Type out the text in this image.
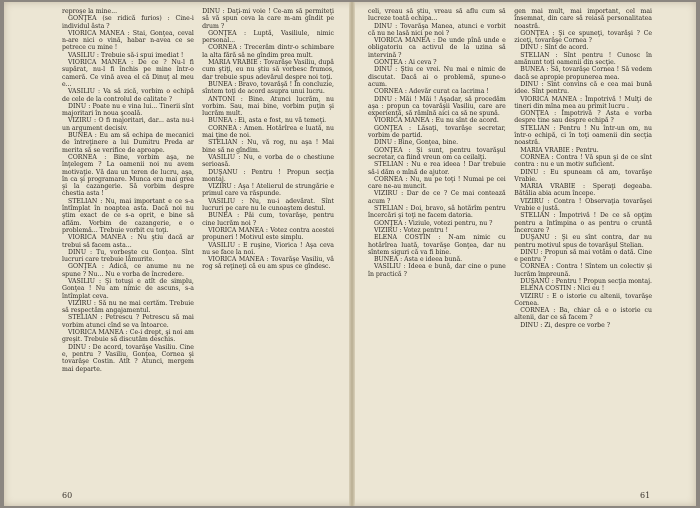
reproşe la mine...

GONŢEA (se ridică furios) : Cine-i individul ăsta ?

VIORICA MANEA : Stai, Gonţea, ceval n-are nici o vină, habar n-avea ce se petrece cu mine !

VASILIU : Trebuie să-i spui imediat !

VIORICA MANEA : De ce ? Nu-l fi supărat, nu-l fi închis pe mine într-o cameră. Ce vină avea el că Dinuţ al meu e...

VASILIU : Va să zică, vorbim o echipă de cele de la controlul de calitate ?

DINU : Poate nu e vina lui... Tinerii sînt majoritari în noua şcoală.

VIZIRU : O fi majoritari, dar... asta nu-i un argument decisiv.

BUNEA : Eu am să echipa de mecanici de întreţinere a lui Dumitru Preda ar merita să se verifice de aproape.

CORNEA : Bine, vorbim aşa, ne înţelegem ? La oamenii noi nu avem motivaţie. Vă dau un teren de lucru, aşa, în ca şi programare. Munca era mai grea şi la cazangerie. Să vorbim despre chestia asta !

STELIAN : Nu, mai important e ce s-a întîmplat în noaptea asta. Dacă noi nu ştim exact de ce s-a oprit, e bine să aflăm. Vorbim de cazangerie, e o problemă... Trebuie vorbit cu toţi.

VIORICA MANEA : Nu ştiu dacă ar trebui să facem asta...

DINU : Tu, vorbeşte cu Gonţea. Sînt lucruri care trebuie lămurite.

GONŢEA : Adică, ce anume nu ne spune ? Nu... Nu e vorba de încredere.

VASILIU : Şi totuşi e atît de simplu, Gonţea ! Nu am nimic de ascuns, s-a întîmplat ceva.

VIZIRU : Să nu ne mai certăm. Trebuie să respectăm angajamentul.

STELIAN : Petrescu ? Petrescu să mai vorbim atunci cînd se va întoarce.

VIORICA MANEA : Ce-i drept, şi noi am greşit. Trebuie să discutăm deschis.

DINU : De acord, tovarăşe Vasiliu. Cine e, pentru ? Vasiliu, Gonţea, Cornea şi tovarăşe Costin. Atît ? Atunci, mergem mai departe.

DINU : Daţi-mi voie ! Ce-am să permiteţi să vă spun ceva la care m-am gîndit pe drum ?

GONŢEA : Luptă, Vasiliule, nimic personal...

CORNEA : Trecerăm dintr-o schimbare la alta fără să ne gîndim prea mult.

MARIA VRABIE : Tovarăşe Vasiliu, după cum ştiţi, eu nu ştiu să vorbesc frumos, dar trebuie spus adevărul despre noi toţi.

BUNEA : Bravo, tovarăşă ! În concluzie, sîntem toţi de acord asupra unui lucru.

ANTONI : Bine. Atunci lucrăm, nu vorbim. Sau, mai bine, vorbim puţin şi lucrăm mult.

BUNEA : Ei, asta e fost, nu vă temeţi.

CORNEA : Amen. Hotărîrea e luată, nu mai ţine de noi.

STELIAN : Nu, vă rog, nu aşa ! Mai bine să ne gîndim.

VASILIU : Nu, e vorba de o chestiune serioasă.

DUŞANU : Pentru ! Propun secţia montaj.

VIZIRU : Aşa ! Atelierul de strungărie e primul care va răspunde.

VASILIU : Nu, nu-i adevărat. Sînt lucruri pe care nu le cunoaştem destul.

BUNEA : Păi cum, tovarăşe, pentru cine lucrăm noi ?

VIORICA MANEA : Votez contra acestei propuneri ! Motivul este simplu.

VASILIU : E ruşine, Viorica ! Aşa ceva nu se face la noi.

VIORICA MANEA : Tovarăşe Vasiliu, vă rog să reţineţi că eu am spus ce gîndesc.

celi, vreau să ştiu, vreau să aflu cum să lucreze toată echipa...

DINU : Tovarăşa Manea, atunci e vorbit că nu ne lasă nici pe noi ?

VIORICA MANEA : De unde pînă unde e obligatoriu ca activul de la uzina să intervină ?

GONŢEA : Ai ceva ?

DINU : Ştiu ce vrei. Nu mai e nimic de discutat. Dacă ai o problemă, spune-o acum.

CORNEA : Adevăr curat ca lacrima !

DINU : Măi ! Măi ! Aşadar, să procedăm aşa : propun ca tovarăşii Vasiliu, care are experienţă, să rămînă aici ca să ne spună.

VIORICA MANEA : Eu nu sînt de acord.

GONŢEA : Lăsaţi, tovarăşe secretar, vorbim de partid.

DINU : Bine, Gonţea, bine.

GONŢEA : Şi sunt, pentru tovarăşul secretar, ca fiind vreun om ca ceilalţi.

STELIAN : Nu e rea ideea ! Dar trebuie să-i dăm o mînă de ajutor.

CORNEA : Nu, nu pe toţi ! Numai pe cei care ne-au muncit.

VIZIRU : Dar de ce ? Ce mai contează acum ?

STELIAN : Doi, bravo, să hotărîm pentru încercări şi toţi ne facem datoria.

GONŢEA : Viziule, votezi pentru, nu ?

VIZIRU : Votez pentru !

ELENA COSTIN : N-am nimic cu hotărîrea luată, tovarăşe Gonţea, dar nu sîntem siguri că va fi bine.

BUNEA : Asta e ideea bună.

VASILIU : Ideea e bună, dar cine o pune în practică ?

gen mai mult, mai important, cel mai însemnat, din care să reiasă personalitatea noastră.

GONŢEA : Şi ce spuneţi, tovarăşi ? Ce ziceţi, tovarăşe Cornea ?

DINU : Sînt de acord.

STELIAN : Sînt pentru ! Cunosc în amănunt toţi oamenii din secţie.

BUNEA : Să, tovarăşe Cornea ! Să vedem dacă se apropie propunerea mea.

DINU : Sînt convins că e cea mai bună idee. Sînt pentru.

VIORICA MANEA : Împotrivă ! Mulţi de tineri din mîna mea au primit lucru .

GONŢEA : Împotrivă ? Asta e vorba despre tine sau despre echipă ?

STELIAN : Pentru ! Nu într-un om, nu într-o echipă, ci în toţi oamenii din secţia noastră.

MARIA VRABIE : Pentru.

CORNEA : Contra ! Vă spun şi de ce sînt contra : nu e un motiv suficient.

DINU : Eu spuneam că am, tovarăşe Vrabie.

MARIA VRABIE : Speraţi degeaba. Bătălia abia acum începe.

VIZIRU : Contra ! Observaţia tovarăşei Vrabie e justă.

STELIAN : Împotrivă ! De ce să opţim pentru a întîmpina o as pentru o cruntă încercare ?

DUŞANU : Şi eu sînt contra, dar nu pentru motivul spus de tovarăşul Stelian.

DINU : Propun să mai votăm o dată. Cine e pentru ?

CORNEA : Contra ! Sîntem un colectiv şi lucrăm împreună.

DUŞANU : Pentru ! Propun secţia montaj.

ELENA COSTIN : Nici eu !

VIZIRU : E o istorie cu altenii, tovarăşe Cornea.

CORNEA : Ba, chiar că e o istorie cu altenii, dar ce să facem ?

DINU : Zi, despre ce vorbe ?

60	61
